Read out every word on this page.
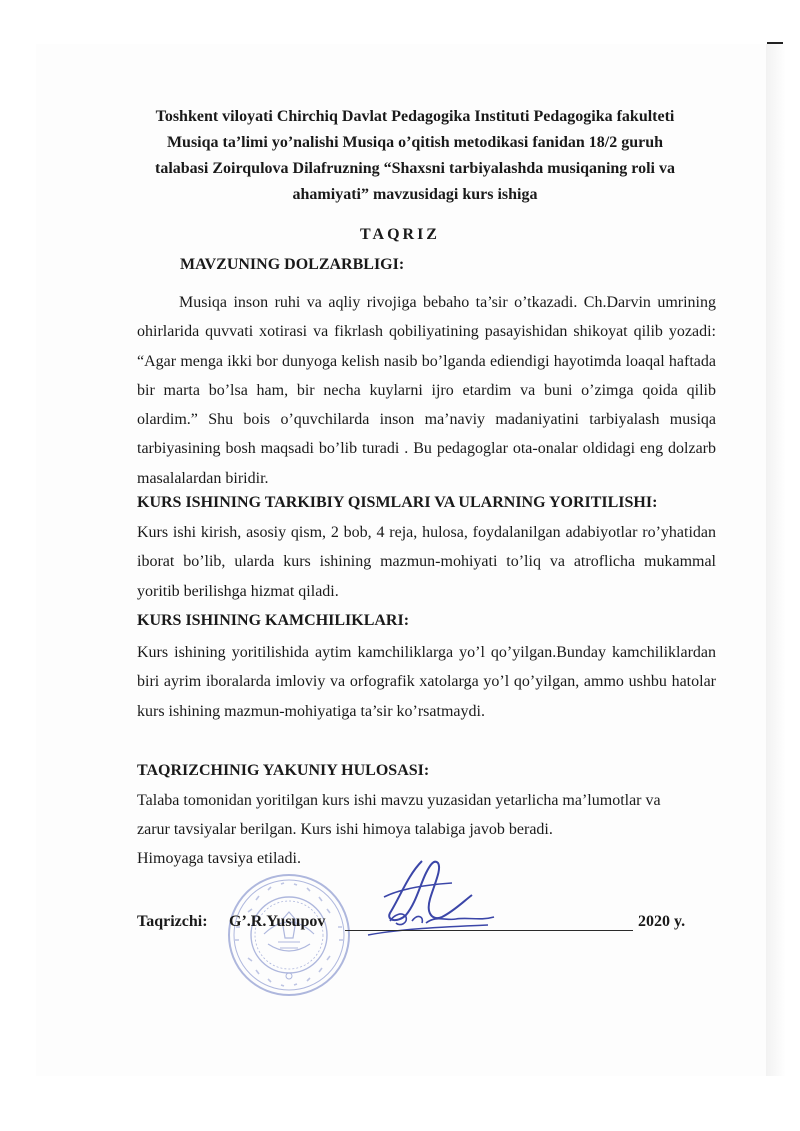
Toshkent viloyati Chirchiq Davlat Pedagogika Instituti Pedagogika fakulteti
Musiqa ta’limi yo’nalishi Musiqa o’qitish metodikasi fanidan 18/2 guruh
talabasi Zoirqulova Dilafruzning “Shaxsni tarbiyalashda musiqaning roli va
ahamiyati” mavzusidagi kurs ishiga
TAQRIZ
MAVZUNING DOLZARBLIGI:
Musiqa inson ruhi va aqliy rivojiga bebaho ta’sir o’tkazadi. Ch.Darvin umrining ohirlarida quvvati xotirasi va fikrlash qobiliyatining pasayishidan shikoyat qilib yozadi: “Agar menga ikki bor dunyoga kelish nasib bo’lganda ediendigi hayotimda loaqal haftada bir marta bo’lsa ham, bir necha kuylarni ijro etardim va buni o’zimga qoida qilib olardim.” Shu bois o’quvchilarda inson ma’naviy madaniyatini tarbiyalash musiqa tarbiyasining bosh maqsadi bo’lib turadi . Bu pedagoglar ota-onalar oldidagi eng dolzarb masalalardan biridir.
KURS ISHINING TARKIBIY QISMLARI VA ULARNING YORITILISHI:
Kurs ishi kirish, asosiy qism, 2 bob, 4 reja, hulosa, foydalanilgan adabiyotlar ro’yhatidan iborat bo’lib, ularda kurs ishining mazmun-mohiyati to’liq va atroflicha mukammal yoritib berilishga hizmat qiladi.
KURS ISHINING KAMCHILIKLARI:
Kurs ishining yoritilishida aytim kamchiliklarga yo’l qo’yilgan.Bunday kamchiliklardan biri ayrim iboralarda imloviy va orfografik xatolarga yo’l qo’yilgan, ammo ushbu hatolar kurs ishining mazmun-mohiyatiga ta’sir ko’rsatmaydi.
TAQRIZCHINIG YAKUNIY HULOSASI:
Talaba tomonidan yoritilgan kurs ishi mavzu yuzasidan yetarlicha ma’lumotlar va
zarur tavsiyalar berilgan. Kurs ishi himoya talabiga javob beradi.
Himoyaga tavsiya etiladi.
Taqrizchi: G’.R.Yusupov	2020 y.
